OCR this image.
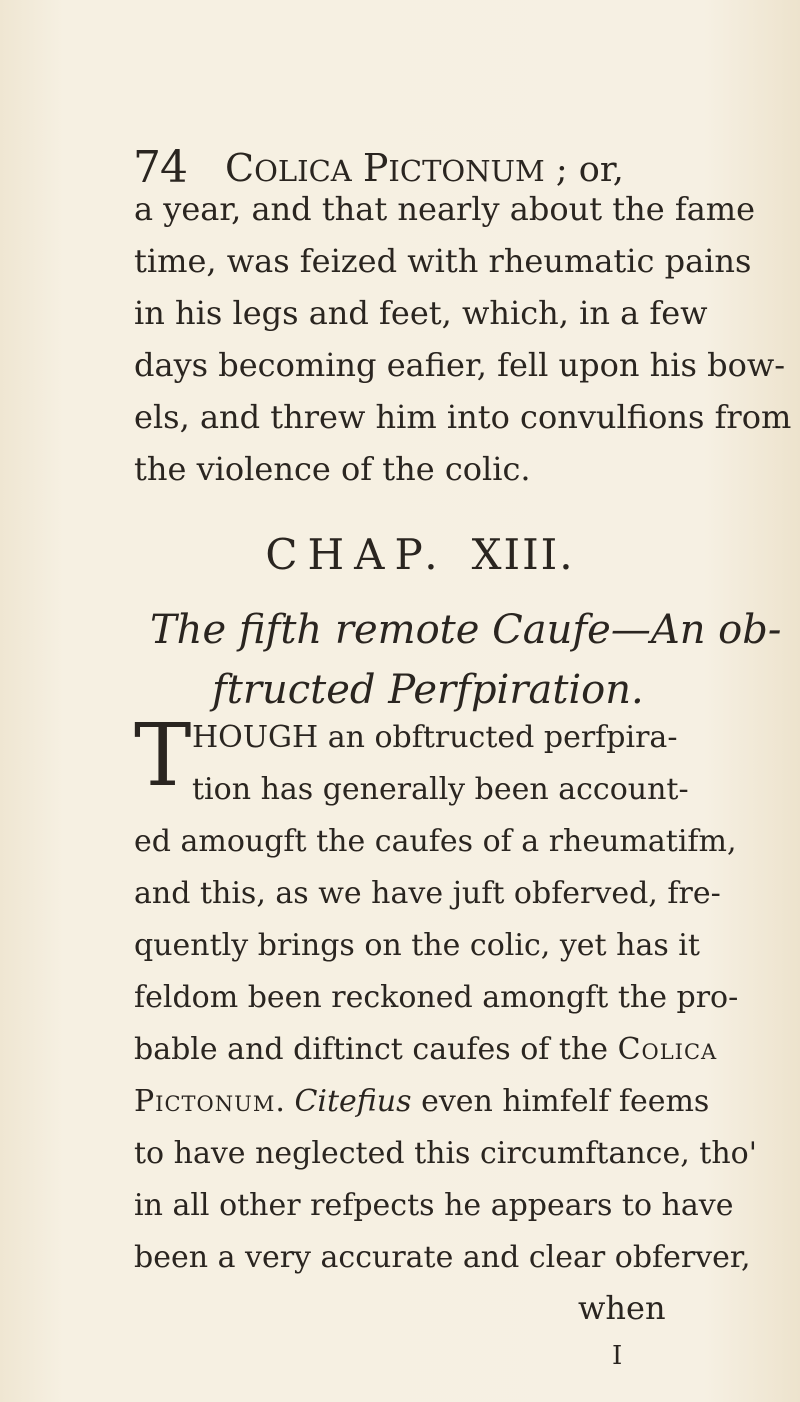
74 COLICA PICTONUM ; or,

a year, and that nearly about the fame
time, was feized with rheumatic pains
in his legs and feet, which, in a few
days becoming eafier, fell upon his bow-
els, and threw him into convulfions from
the violence of the colic.

CHAP. XIII.
The fifth remote Caufe—An ob-
ftructed Perfpiration.
T HOUGH an obftructed perfpira-
tion has generally been account-
ed amougft the caufes of a rheumatifm,
and this, as we have juft obferved, fre-
quently brings on the colic, yet has it
feldom been reckoned amongft the pro-
bable and diftinct caufes of the Colica
Pictonum. Citefius even himfelf feems
to have neglected this circumftance, tho'
in all other refpects he appears to have
been a very accurate and clear obferver,

when
I
